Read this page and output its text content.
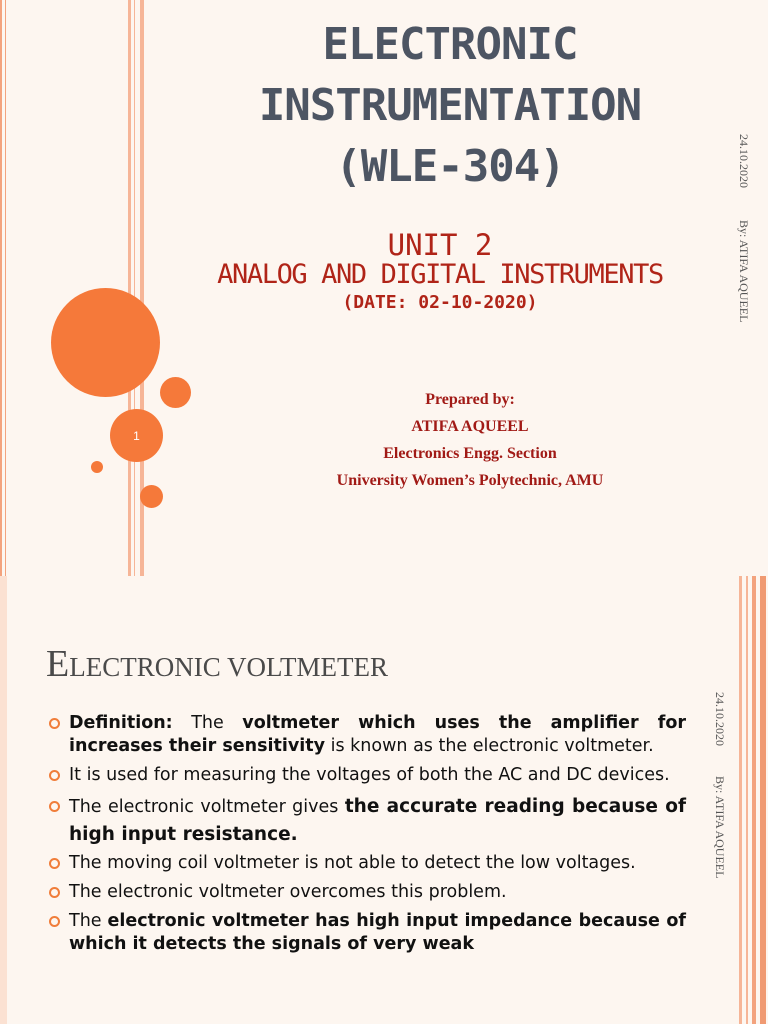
1
ELECTRONIC
INSTRUMENTATION
(WLE-304)
UNIT 2
ANALOG AND DIGITAL INSTRUMENTS
(DATE: 02-10-2020)
Prepared by:
ATIFA AQUEEL
Electronics Engg. Section
University Women’s Polytechnic, AMU
24.10.2020
By: ATIFA AQUEEL
ELECTRONIC VOLTMETER
Definition: The voltmeter which uses the amplifier for increases their sensitivity is known as the electronic voltmeter.
It is used for measuring the voltages of both the AC and DC devices.
The electronic voltmeter gives the accurate reading because of high input resistance.
The moving coil voltmeter is not able to detect the low voltages.
The electronic voltmeter overcomes this problem.
The electronic voltmeter has high input impedance because of which it detects the signals of very weak
24.10.2020
By: ATIFA AQUEEL
